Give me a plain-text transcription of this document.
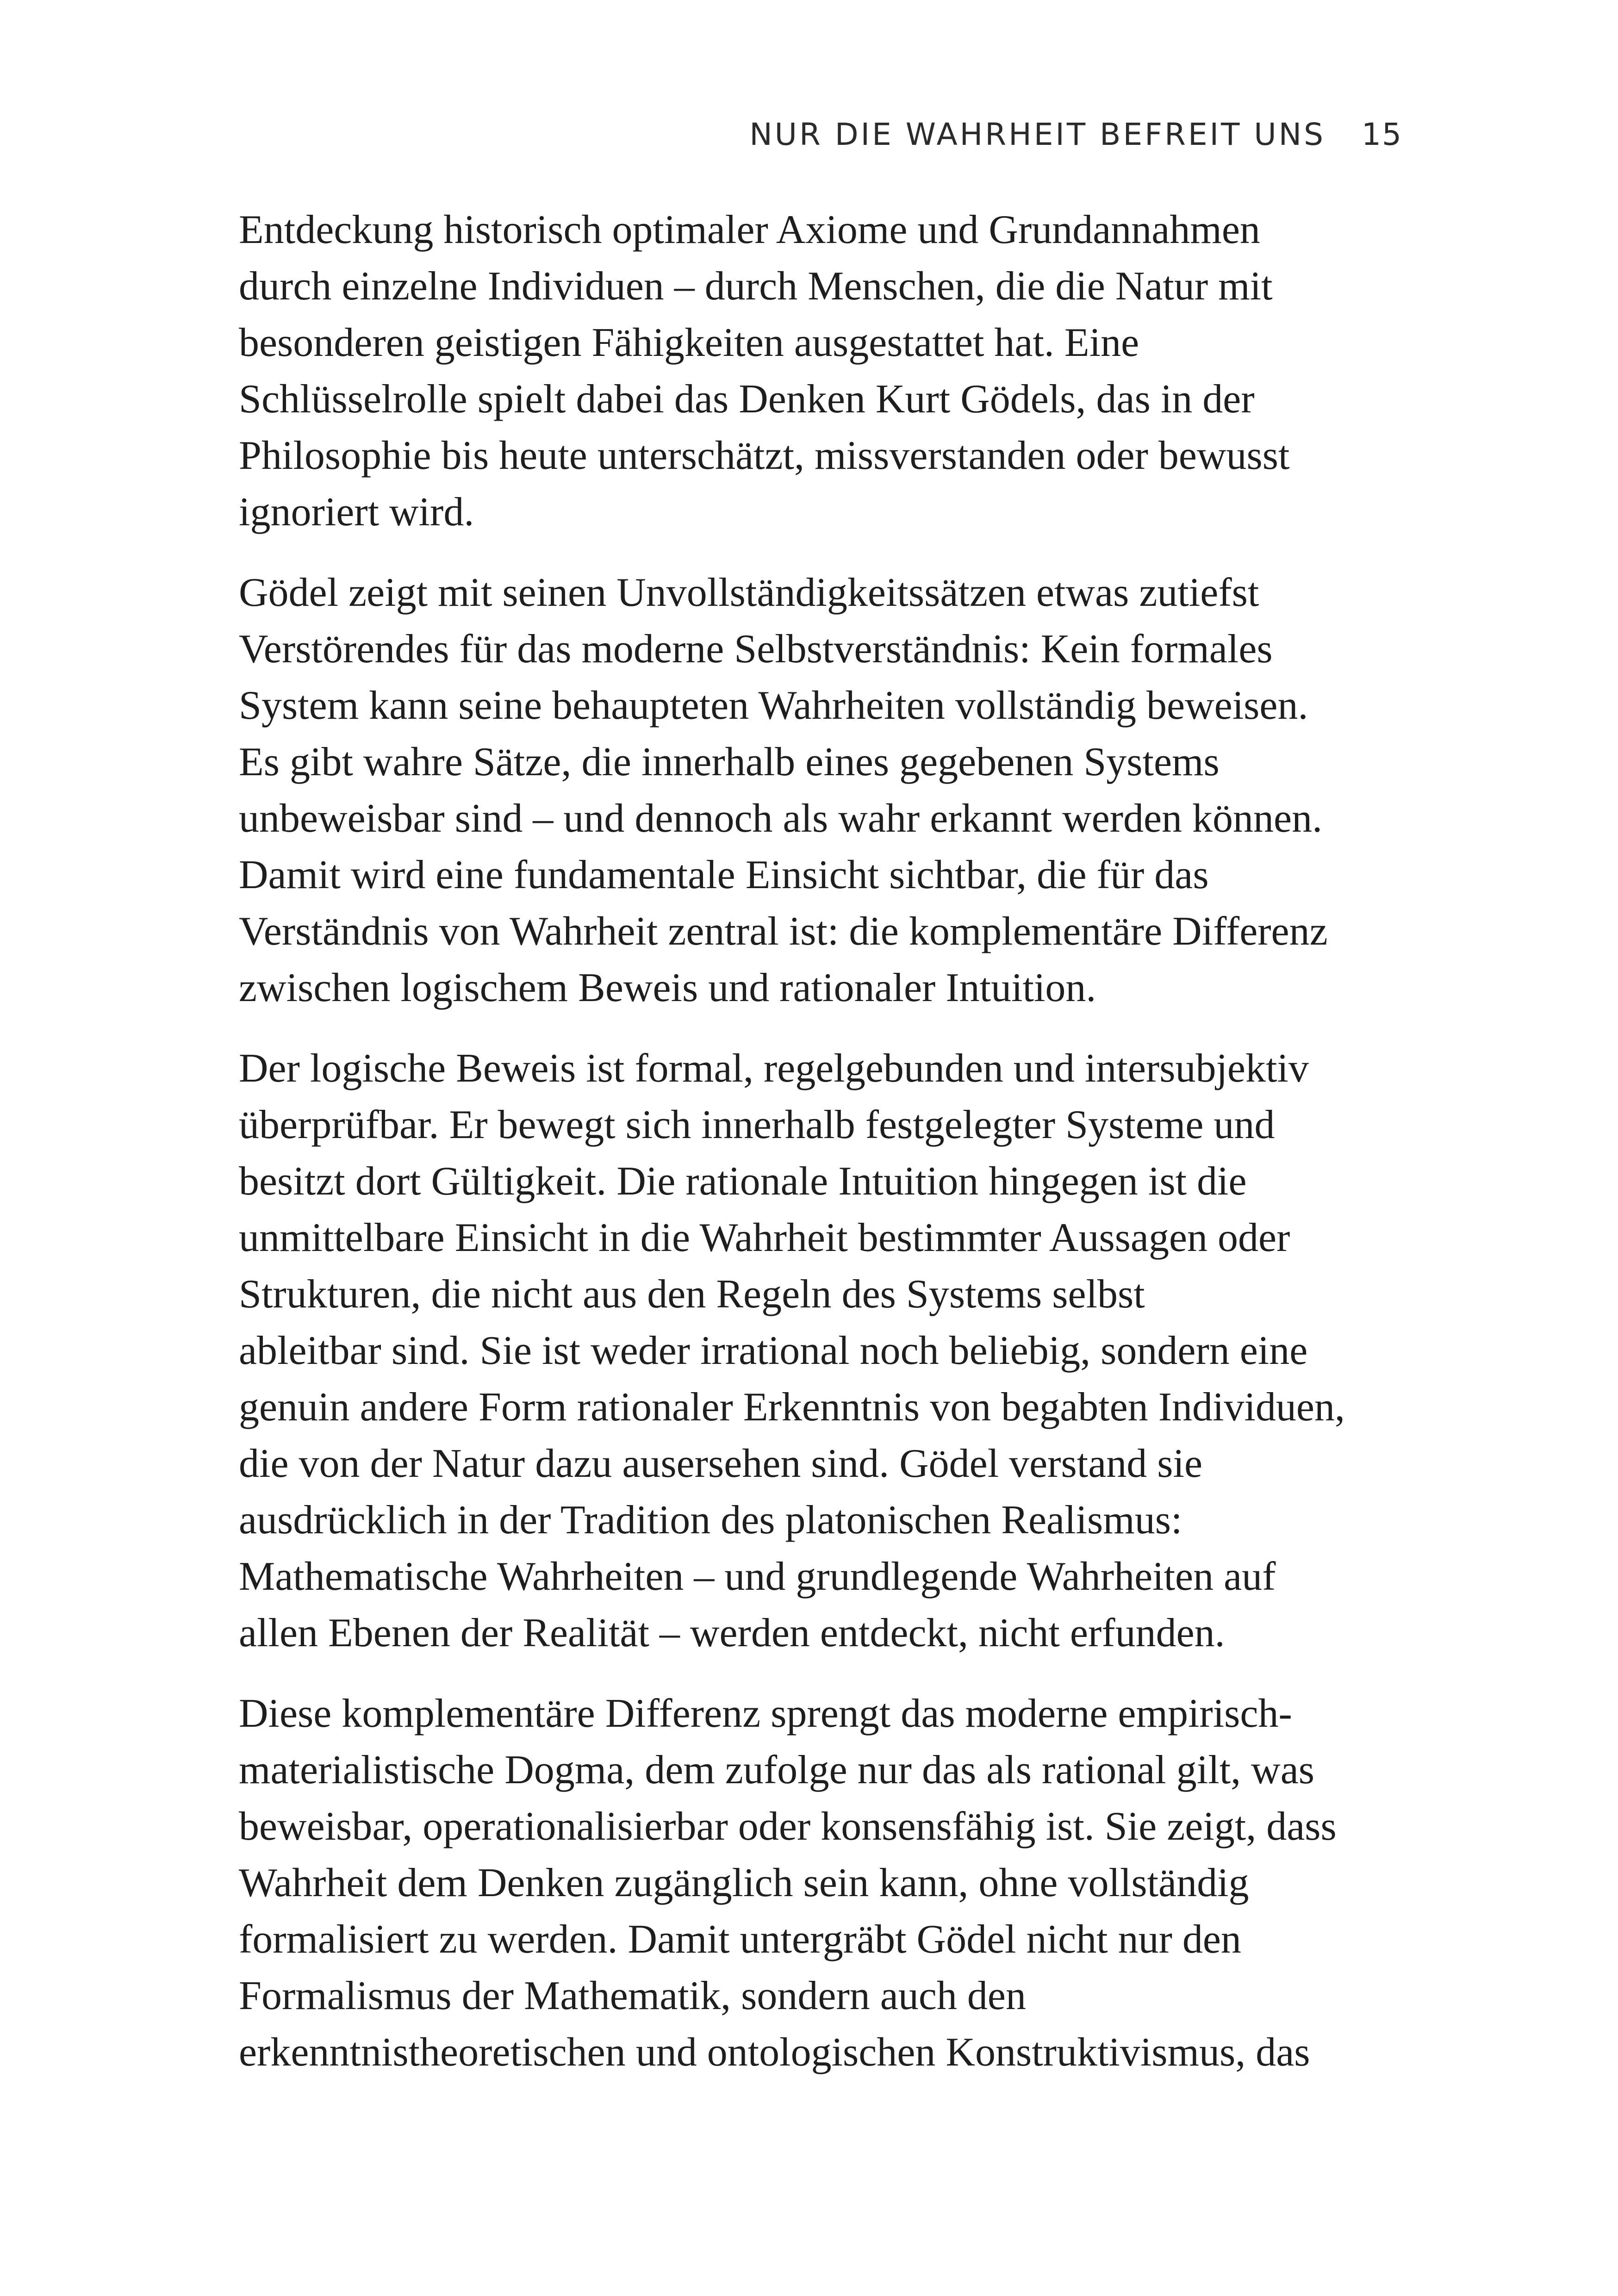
NUR DIE WAHRHEIT BEFREIT UNS 15

Entdeckung historisch optimaler Axiome und Grundannahmen
durch einzelne Individuen – durch Menschen, die die Natur mit
besonderen geistigen Fähigkeiten ausgestattet hat. Eine
Schlüsselrolle spielt dabei das Denken Kurt Gödels, das in der
Philosophie bis heute unterschätzt, missverstanden oder bewusst
ignoriert wird.

Gödel zeigt mit seinen Unvollständigkeitssätzen etwas zutiefst
Verstörendes für das moderne Selbstverständnis: Kein formales
System kann seine behaupteten Wahrheiten vollständig beweisen.
Es gibt wahre Sätze, die innerhalb eines gegebenen Systems
unbeweisbar sind – und dennoch als wahr erkannt werden können.
Damit wird eine fundamentale Einsicht sichtbar, die für das
Verständnis von Wahrheit zentral ist: die komplementäre Differenz
zwischen logischem Beweis und rationaler Intuition.

Der logische Beweis ist formal, regelgebunden und intersubjektiv
überprüfbar. Er bewegt sich innerhalb festgelegter Systeme und
besitzt dort Gültigkeit. Die rationale Intuition hingegen ist die
unmittelbare Einsicht in die Wahrheit bestimmter Aussagen oder
Strukturen, die nicht aus den Regeln des Systems selbst
ableitbar sind. Sie ist weder irrational noch beliebig, sondern eine
genuin andere Form rationaler Erkenntnis von begabten Individuen,
die von der Natur dazu ausersehen sind. Gödel verstand sie
ausdrücklich in der Tradition des platonischen Realismus:
Mathematische Wahrheiten – und grundlegende Wahrheiten auf
allen Ebenen der Realität – werden entdeckt, nicht erfunden.

Diese komplementäre Differenz sprengt das moderne empirisch-
materialistische Dogma, dem zufolge nur das als rational gilt, was
beweisbar, operationalisierbar oder konsensfähig ist. Sie zeigt, dass
Wahrheit dem Denken zugänglich sein kann, ohne vollständig
formalisiert zu werden. Damit untergräbt Gödel nicht nur den
Formalismus der Mathematik, sondern auch den
erkenntnistheoretischen und ontologischen Konstruktivismus, das
